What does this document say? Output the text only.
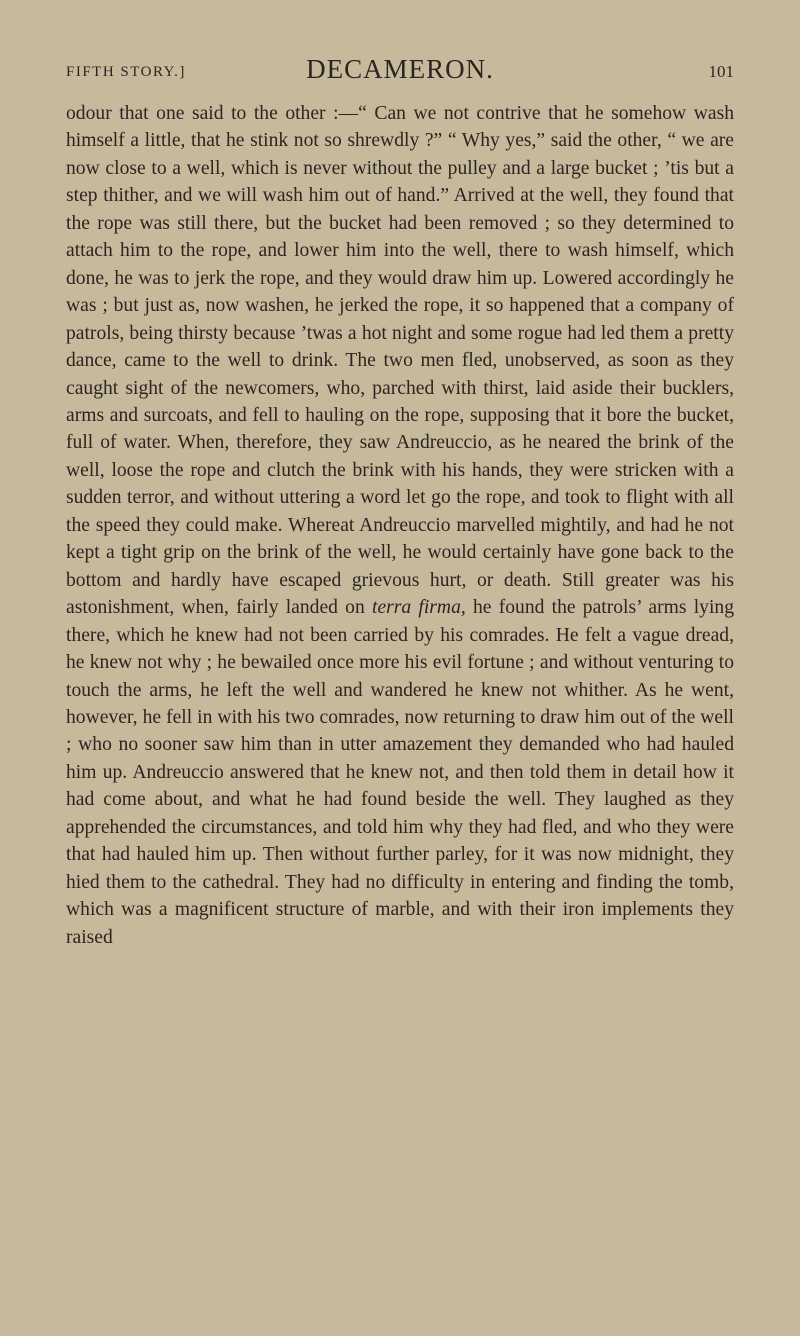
FIFTH STORY.]	DECAMERON.	101

odour that one said to the other :—“ Can we not contrive that he somehow wash himself a little, that he stink not so shrewdly ?” “ Why yes,” said the other, “ we are now close to a well, which is never without the pulley and a large bucket ; ’tis but a step thither, and we will wash him out of hand.” Arrived at the well, they found that the rope was still there, but the bucket had been removed ; so they determined to attach him to the rope, and lower him into the well, there to wash himself, which done, he was to jerk the rope, and they would draw him up. Lowered accordingly he was ; but just as, now washen, he jerked the rope, it so happened that a company of patrols, being thirsty because ’twas a hot night and some rogue had led them a pretty dance, came to the well to drink. The two men fled, unobserved, as soon as they caught sight of the newcomers, who, parched with thirst, laid aside their bucklers, arms and surcoats, and fell to hauling on the rope, supposing that it bore the bucket, full of water. When, therefore, they saw Andreuccio, as he neared the brink of the well, loose the rope and clutch the brink with his hands, they were stricken with a sudden terror, and without uttering a word let go the rope, and took to flight with all the speed they could make. Whereat Andreuccio marvelled mightily, and had he not kept a tight grip on the brink of the well, he would certainly have gone back to the bottom and hardly have escaped grievous hurt, or death. Still greater was his astonishment, when, fairly landed on terra firma, he found the patrols’ arms lying there, which he knew had not been carried by his comrades. He felt a vague dread, he knew not why ; he bewailed once more his evil fortune ; and without venturing to touch the arms, he left the well and wandered he knew not whither. As he went, however, he fell in with his two comrades, now returning to draw him out of the well ; who no sooner saw him than in utter amazement they demanded who had hauled him up. Andreuccio answered that he knew not, and then told them in detail how it had come about, and what he had found beside the well. They laughed as they apprehended the circumstances, and told him why they had fled, and who they were that had hauled him up. Then without further parley, for it was now midnight, they hied them to the cathedral. They had no difficulty in entering and finding the tomb, which was a magnificent structure of marble, and with their iron implements they raised
